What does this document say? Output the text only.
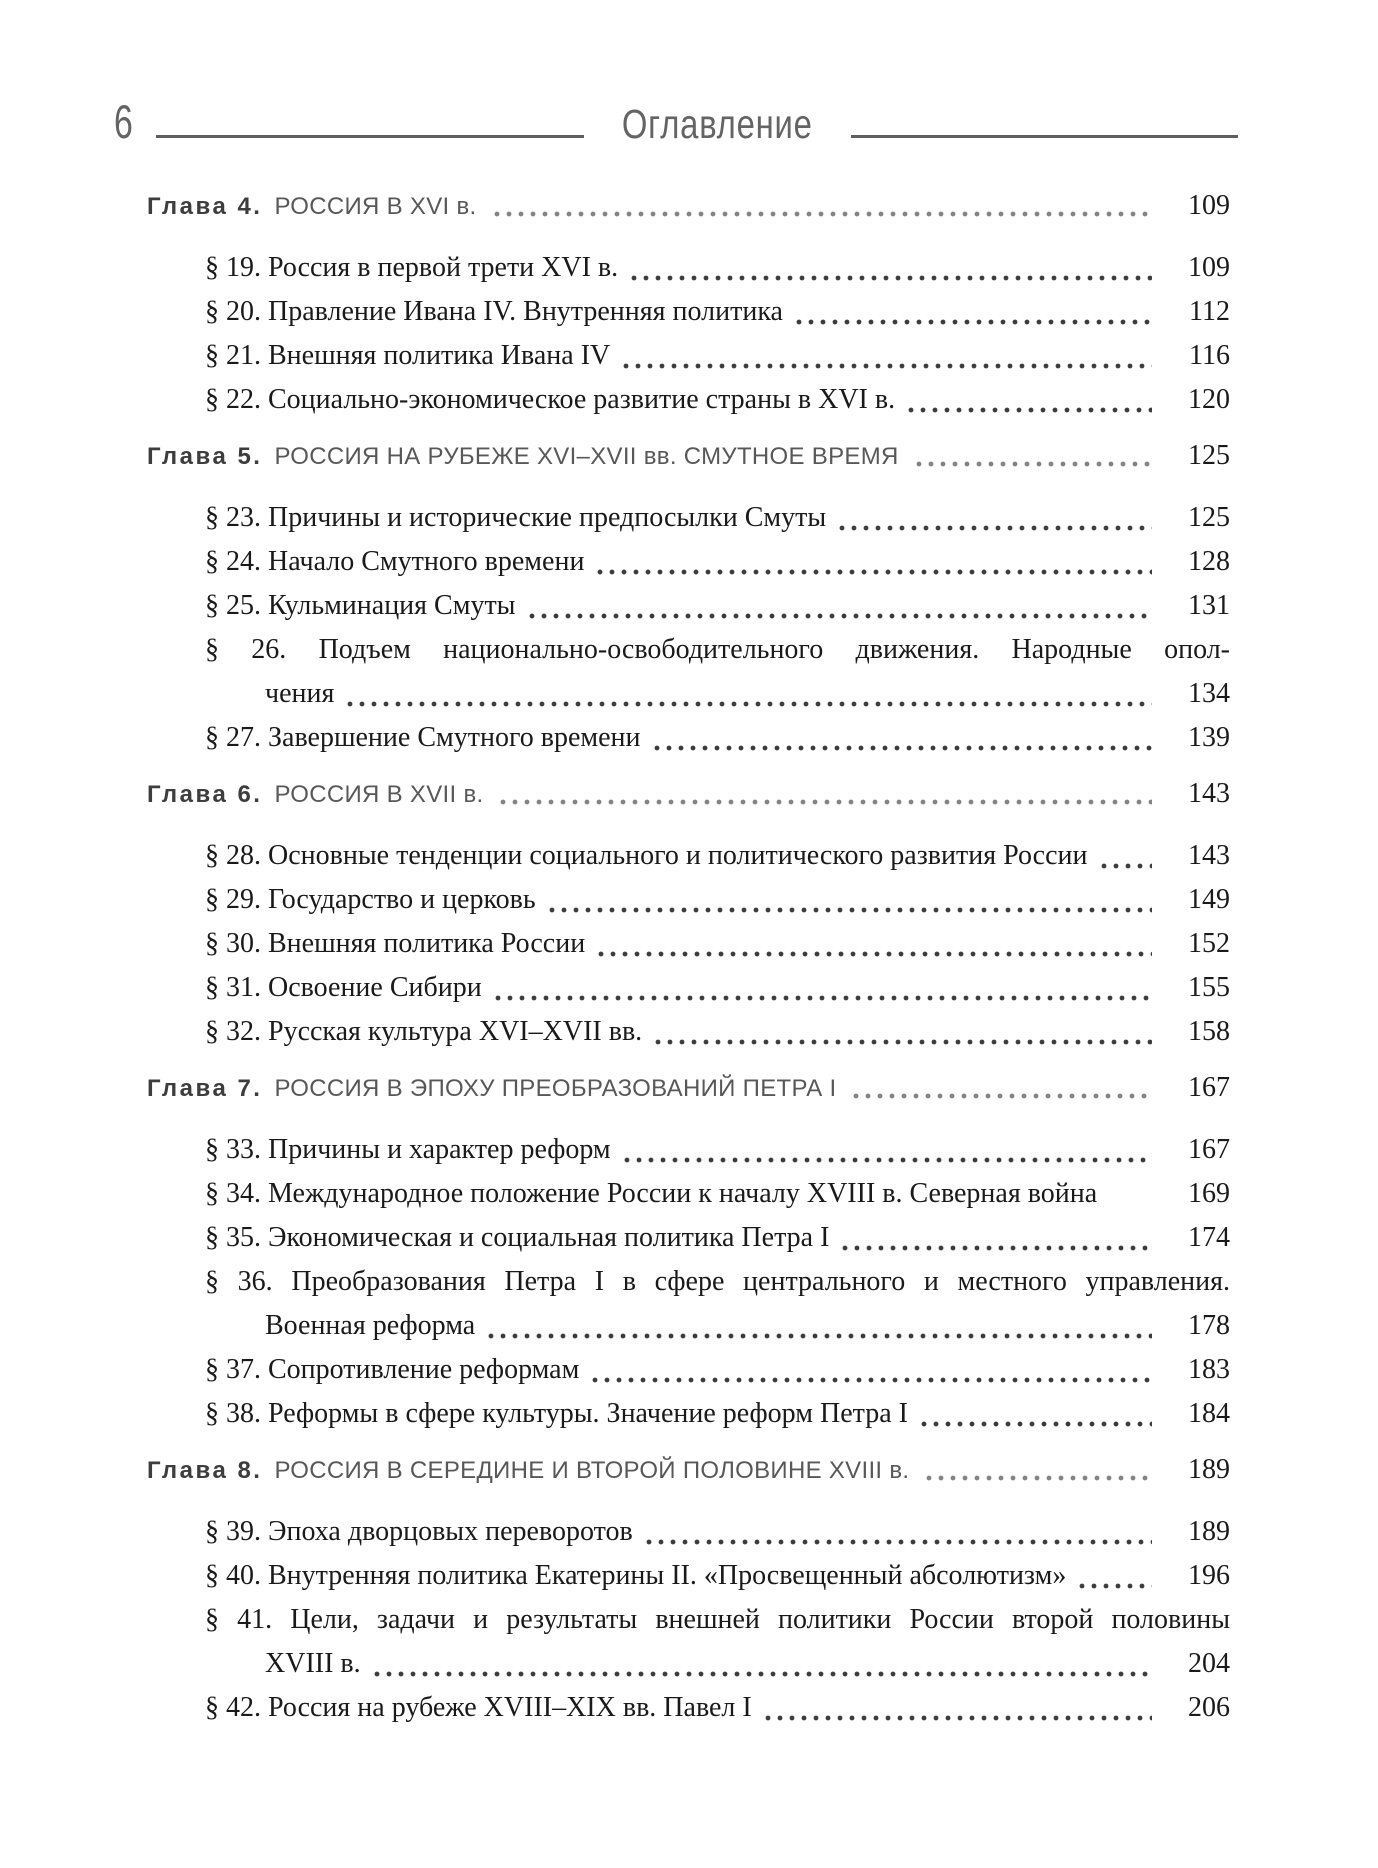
6	Оглавление
Глава 4. РОССИЯ В XVI в.	109
§ 19. Россия в первой трети XVI в.	109
§ 20. Правление Ивана IV. Внутренняя политика	112
§ 21. Внешняя политика Ивана IV	116
§ 22. Социально-экономическое развитие страны в XVI в.	120
Глава 5. РОССИЯ НА РУБЕЖЕ XVI–XVII вв. СМУТНОЕ ВРЕМЯ	125
§ 23. Причины и исторические предпосылки Смуты	125
§ 24. Начало Смутного времени	128
§ 25. Кульминация Смуты	131
§ 26. Подъем национально-освободительного движения. Народные опол-
чения	134
§ 27. Завершение Смутного времени	139
Глава 6. РОССИЯ В XVII в.	143
§ 28. Основные тенденции социального и политического развития России	143
§ 29. Государство и церковь	149
§ 30. Внешняя политика России	152
§ 31. Освоение Сибири	155
§ 32. Русская культура XVI–XVII вв.	158
Глава 7. РОССИЯ В ЭПОХУ ПРЕОБРАЗОВАНИЙ ПЕТРА I	167
§ 33. Причины и характер реформ	167
§ 34. Международное положение России к началу XVIII в. Северная война	169
§ 35. Экономическая и социальная политика Петра I	174
§ 36. Преобразования Петра I в сфере центрального и местного управления.
Военная реформа	178
§ 37. Сопротивление реформам	183
§ 38. Реформы в сфере культуры. Значение реформ Петра I	184
Глава 8. РОССИЯ В СЕРЕДИНЕ И ВТОРОЙ ПОЛОВИНЕ XVIII в.	189
§ 39. Эпоха дворцовых переворотов	189
§ 40. Внутренняя политика Екатерины II. «Просвещенный абсолютизм»	196
§ 41. Цели, задачи и результаты внешней политики России второй половины
XVIII в.	204
§ 42. Россия на рубеже XVIII–XIX вв. Павел I	206
